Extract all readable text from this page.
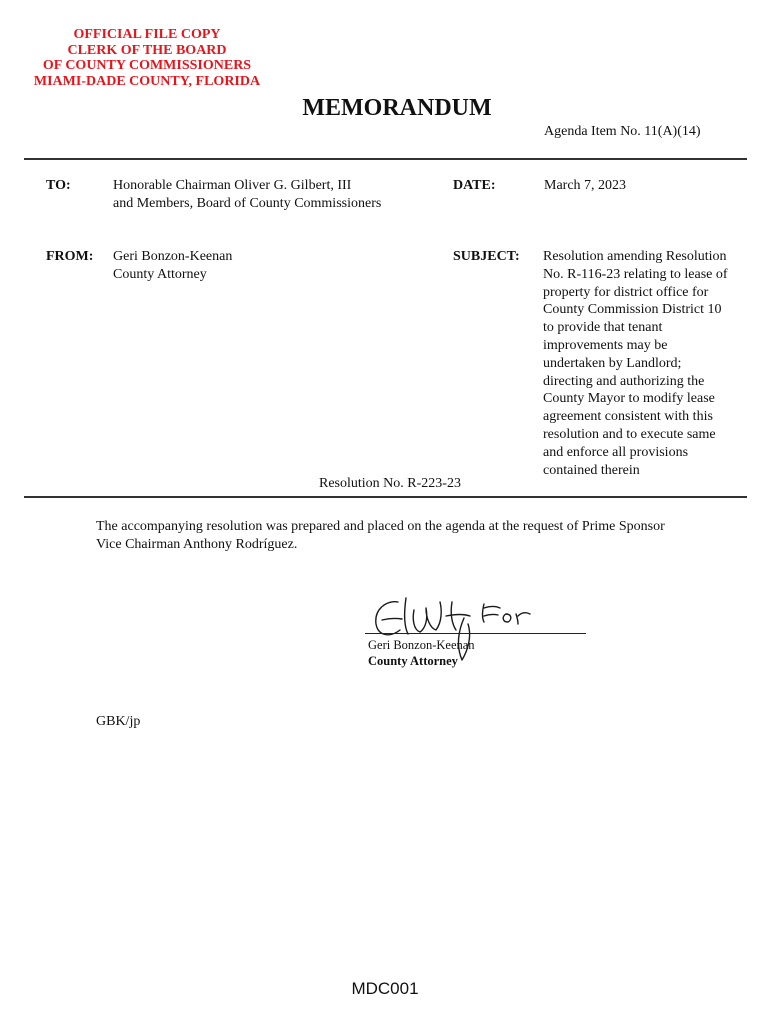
OFFICIAL FILE COPY
CLERK OF THE BOARD
OF COUNTY COMMISSIONERS
MIAMI-DADE COUNTY, FLORIDA
MEMORANDUM
Agenda Item No. 11(A)(14)
TO:	Honorable Chairman Oliver G. Gilbert, III
and Members, Board of County Commissioners
DATE:	March 7, 2023
FROM: Geri Bonzon-Keenan
County Attorney
SUBJECT: Resolution amending Resolution
No. R-116-23 relating to lease of
property for district office for
County Commission District 10
to provide that tenant
improvements may be
undertaken by Landlord;
directing and authorizing the
County Mayor to modify lease
agreement consistent with this
resolution and to execute same
and enforce all provisions
contained therein
Resolution No. R-223-23
The accompanying resolution was prepared and placed on the agenda at the request of Prime Sponsor
Vice Chairman Anthony Rodríguez.
For
Geri Bonzon-Keenan
County Attorney
GBK/jp
MDC001
